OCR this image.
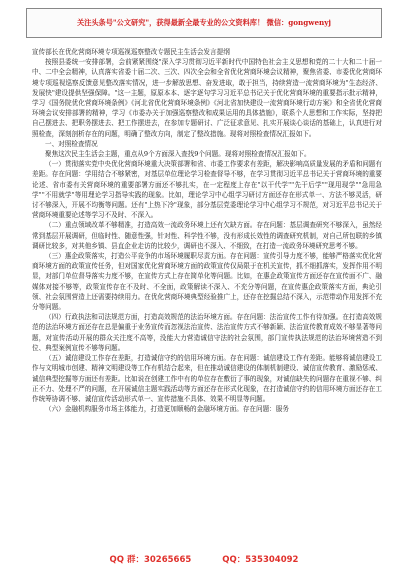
关注头条号"公文研究"，获得最新全最专业的公文资料库！ 微信：gongwenyj

宣传部长在优化营商环境专项巡视巡察整改专题民主生活会发言提纲

按照县委统一安排部署，会前紧紧围绕"深入学习贯彻习近平新时代中国特色社会主义思想和党的二十大和二十届一中、二中全会精神，认真落实省委十届二次、三次、四次全会和全省优化营商环境会议精神，聚焦省委、市委优化营商环境专项巡视巡察反馈意见整改落实情况，进一步解放思想、奋发进取，敢于担当，持续营造一流营商环境为"生态经济、发展快"建设提供坚强保障。"这一主题，原原本本、逐字逐句学习习近平总书记关于优化营商环境的重要指示批示精神，学习《国务院优化营商环境条例》《河北省优化营商环境条例》《河北省加快建设一流营商环境行动方案》和全省优化营商环境会议安排部署的精神，学习《市委办关于加强巡察整改和成果运用的具体措施》，联系个人思想和工作实际，坚持把自己摆进去、把职务摆进去、把工作摆进去，在参加专题研讨、广泛征求意见、扎实开展谈心谈话的基础上，认真进行对照检查，深刻剖析存在的问题，明确了整改方向，制定了整改措施。现将对照检查情况汇报如下。

一、对照检查情况

聚焦这次民主生活会主题，重点从9个方面深入查找9个问题。现将对照检查情况汇报如下。

（一）贯彻落实党中央优化营商环境重大决策部署和省、市委工作要求有差距，解决影响高质量发展的矛盾和问题有差距。存在问题：学用结合不够紧密，对基层单位理论学习检查督导不够，在学习贯彻习近平总书记关于营商环境的重要论述、省市委有关营商环境的重要部署方面还不够扎实，在一定程度上存在"以干代学""先干后学""现用现学""急用急学""不用就学"等用理论学习指导实践的现象。比如，理论学习中心组学习研讨方面还存在形式单一、方法不够灵活，研讨不够深入，开展不均衡等问题。还有"上热下冷"现象，部分基层党委理论学习中心组学习不规范，对习近平总书记关于营商环境重要论述等学习不及时、不深入。

（二）重点领域改革不够精准，打造高效一流政务环境上还有欠缺方面。存在问题：基层调查研究不够深入，虽然经常到基层开展调研，但临时性、随意性强，针对性、科学性不够，没有形成长效性的调查研究机制，对自己所包联的乡镇调研比较多，对其他乡镇、县直企业走访的比较少，调研也不深入、不细致，在打造一流政务环境研究思考不够。

（三）惠企政策落实，打造公平竞争的市场环境履职尽责方面。存在问题：宣传引导力度不够，能够严格落实优化营商环境方面的政策宣传任务，但对国家优化营商环境方面的政策宣传仅局限于在机关宣传，抓不细抓落实，发挥作用不明显，对部门单位督导落实力度不够，在宣传方式上存在简单化等问题。比如，在惠企政策宣传方面还存在宣传面不广、融媒体对接不够等，政策宣传存在不及时、不全面，政策解读不深入、不充分等问题，在宣传惠企政策落实方面，典论引领、社会氛围营造上还需要持续用力。在优化营商环境典型经验推广上，还存在挖掘总结不深入，示范带动作用发挥不充分等问题。

（四）行政执法和司法规范方面，打造高效规范的法治环境方面。存在问题：法治宣传工作有待加强。在打造高效规范的法治环境方面还存在总是偏重于业务宣传而忽视法治宣传、法治宣传方式不够新颖、法治宣传教育成效不够显著等问题，对宣传活动开展的群众关注度不高等，没能大力营造诚信守法的社会氛围，部门宣传执法规范的法治环境营造不到位、典型案例宣传不够等问题。

（五）诚信建设工作存在差距，打造诚信守约的信用环境方面。存在问题：诚信建设工作有差距。能够将诚信建设工作与文明城市创建、精神文明建设等工作有机结合起来，但在推动诚信建设的体制机制建设、诚信宣传教育、激励惩戒、诚信典型挖掘等方面还有差距。比如说在创建工作中有的单位存在敷衍了事的现象，对诚信缺失的问题存在重视不够、纠正不力、处理不严的问题，在开展诚信主题实践活动等方面还存在形式化现象，在打造诚信守约的信用环境方面还存在工作统筹协调不够、诚信宣传活动形式单一、宣传措施不具体、效果不明显等问题。

（六）金融机构服务市场主体能力，打造更加顺畅的金融环境方面。存在问题：服务

QQ 群：30265665	QQ：535304092
